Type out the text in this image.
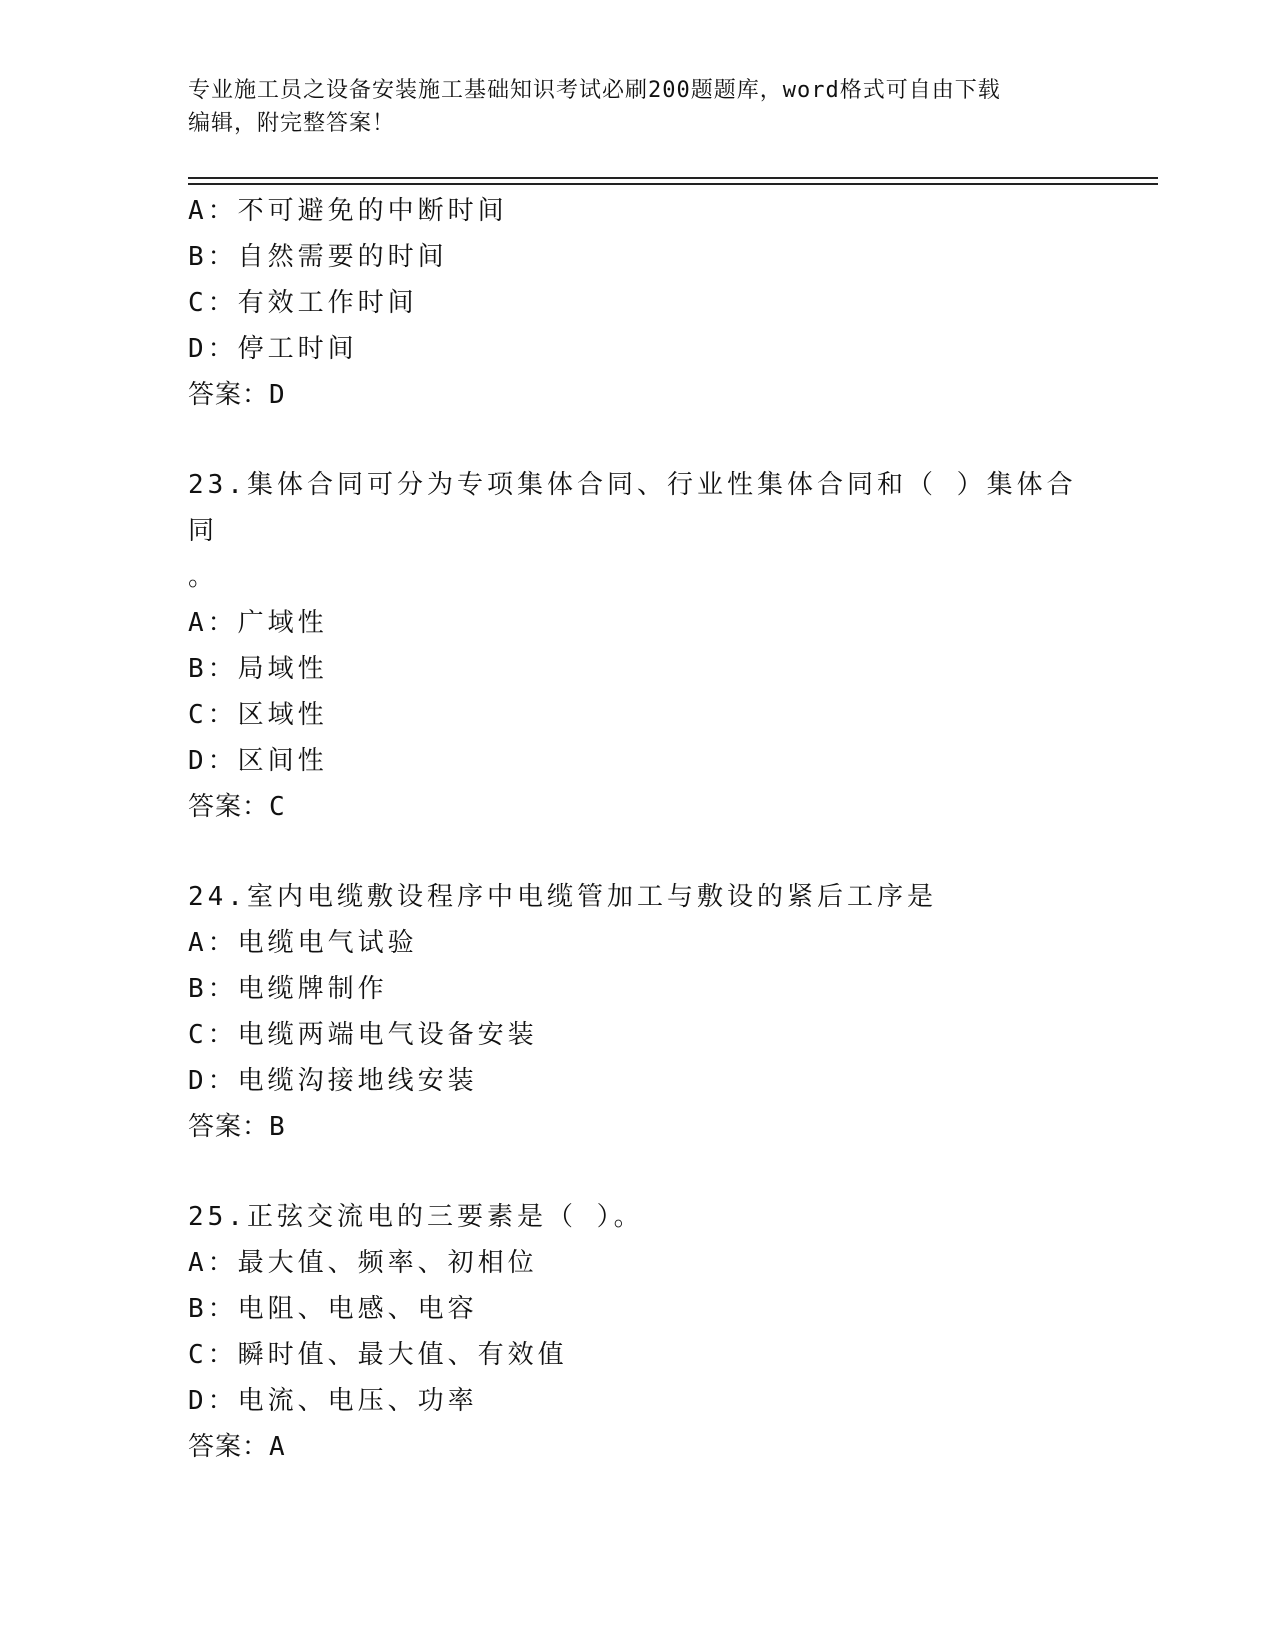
专业施工员之设备安装施工基础知识考试必刷200题题库，word格式可自由下载
编辑，附完整答案！
A：不可避免的中断时间
B：自然需要的时间
C：有效工作时间
D：停工时间
答案：D
23.集体合同可分为专项集体合同、行业性集体合同和（ ）集体合同
。
A：广域性
B：局域性
C：区域性
D：区间性
答案：C
24.室内电缆敷设程序中电缆管加工与敷设的紧后工序是
A：电缆电气试验
B：电缆牌制作
C：电缆两端电气设备安装
D：电缆沟接地线安装
答案：B
25.正弦交流电的三要素是（ ）。
A：最大值、频率、初相位
B：电阻、电感、电容
C：瞬时值、最大值、有效值
D：电流、电压、功率
答案：A
